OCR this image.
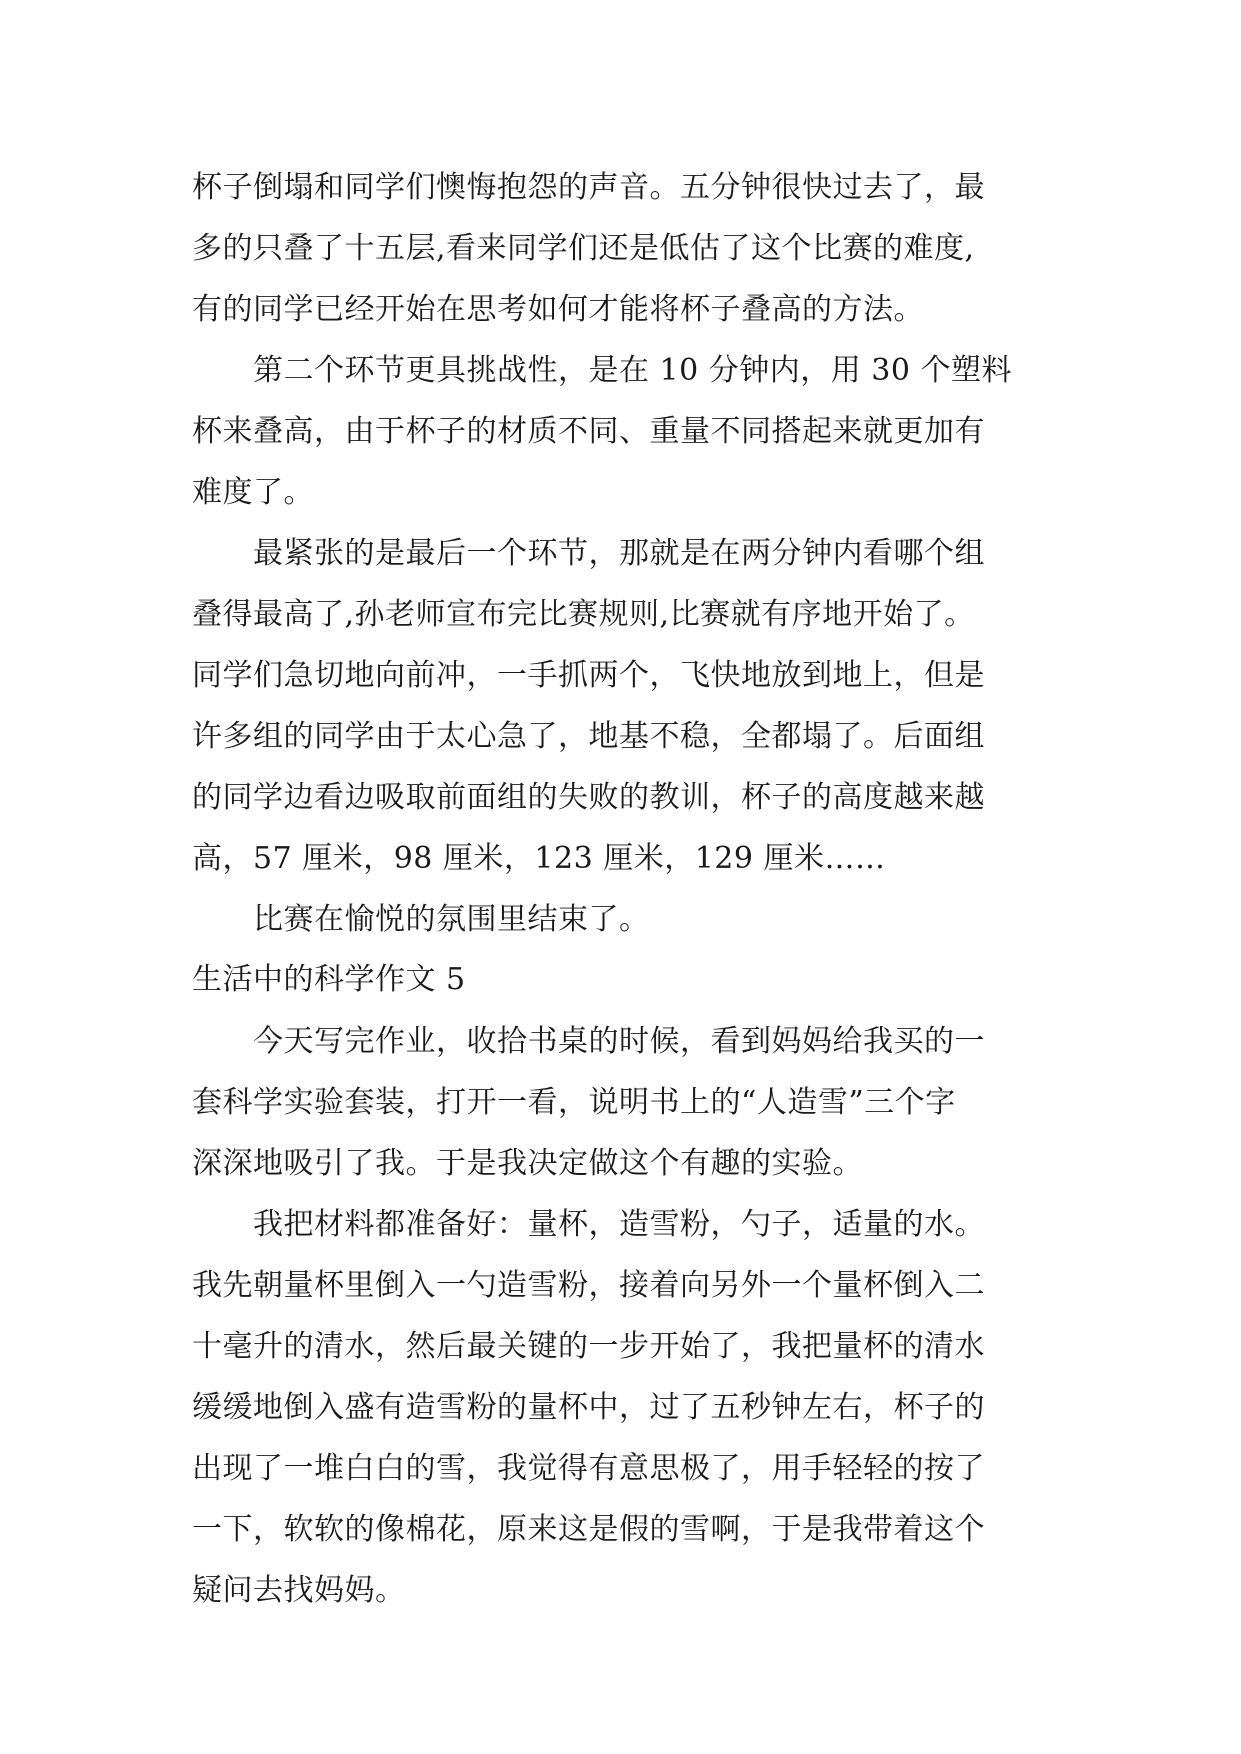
杯子倒塌和同学们懊悔抱怨的声音。五分钟很快过去了，最
多的只叠了十五层,看来同学们还是低估了这个比赛的难度,
有的同学已经开始在思考如何才能将杯子叠高的方法。
　　第二个环节更具挑战性，是在 10 分钟内，用 30 个塑料
杯来叠高，由于杯子的材质不同、重量不同搭起来就更加有
难度了。
　　最紧张的是最后一个环节，那就是在两分钟内看哪个组
叠得最高了,孙老师宣布完比赛规则,比赛就有序地开始了。
同学们急切地向前冲，一手抓两个，飞快地放到地上，但是
许多组的同学由于太心急了，地基不稳，全都塌了。后面组
的同学边看边吸取前面组的失败的教训，杯子的高度越来越
高，57 厘米，98 厘米，123 厘米，129 厘米……
　　比赛在愉悦的氛围里结束了。
生活中的科学作文 5
　　今天写完作业，收拾书桌的时候，看到妈妈给我买的一
套科学实验套装，打开一看，说明书上的“人造雪”三个字
深深地吸引了我。于是我决定做这个有趣的实验。
　　我把材料都准备好：量杯，造雪粉，勺子，适量的水。
我先朝量杯里倒入一勺造雪粉，接着向另外一个量杯倒入二
十毫升的清水，然后最关键的一步开始了，我把量杯的清水
缓缓地倒入盛有造雪粉的量杯中，过了五秒钟左右，杯子的
出现了一堆白白的雪，我觉得有意思极了，用手轻轻的按了
一下，软软的像棉花，原来这是假的雪啊，于是我带着这个
疑问去找妈妈。
